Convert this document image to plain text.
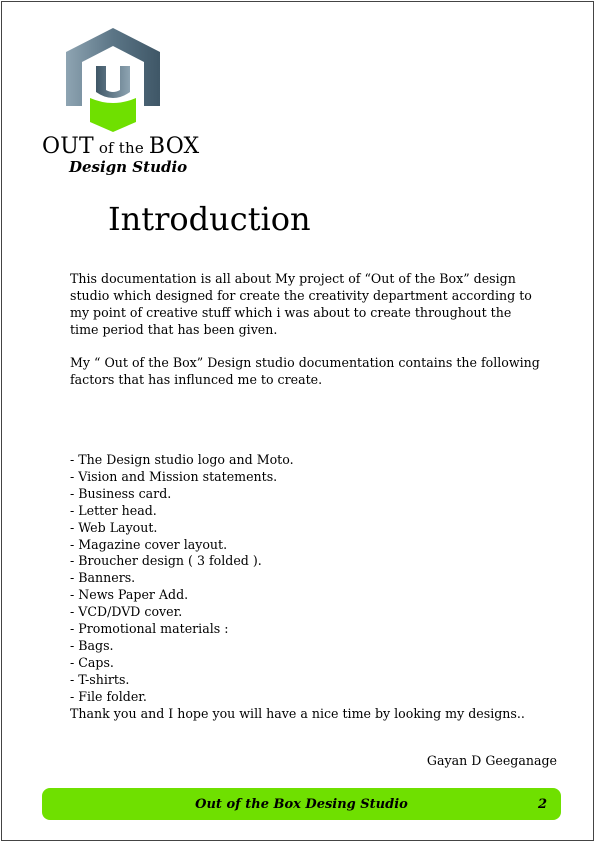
OUT of the BOX
Design Studio
Introduction
This documentation is all about My project of “Out of the Box” design studio which designed for create the creativity department according to my point of creative stuff which i was about to create throughout the time period that has been given.
My “ Out of the Box” Design studio documentation contains the following factors that has influnced me to create.
- The Design studio logo and Moto.
- Vision and Mission statements.
- Business card.
- Letter head.
- Web Layout.
- Magazine cover layout.
- Broucher design ( 3 folded ).
- Banners.
- News Paper Add.
- VCD/DVD cover.
- Promotional materials :
- Bags.
- Caps.
- T-shirts.
- File folder.
Thank you and I hope you will have a nice time by looking my designs..
Gayan D Geeganage
Out of the Box Desing Studio	2
